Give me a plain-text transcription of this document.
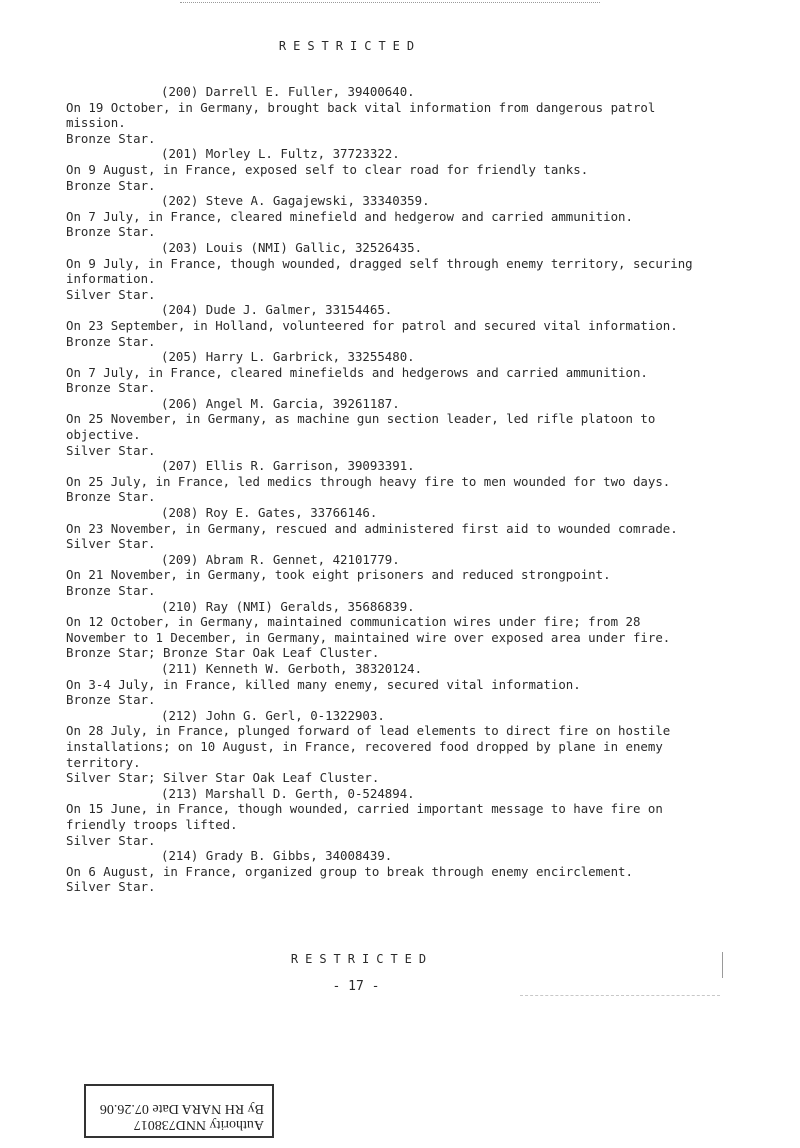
RESTRICTED

(200) Darrell E. Fuller, 39400640.

On 19 October, in Germany, brought back vital information from dangerous patrol mission.

Bronze Star.

(201) Morley L. Fultz, 37723322.

On 9 August, in France, exposed self to clear road for friendly tanks.

Bronze Star.

(202) Steve A. Gagajewski, 33340359.

On 7 July, in France, cleared minefield and hedgerow and carried ammunition.

Bronze Star.

(203) Louis (NMI) Gallic, 32526435.

On 9 July, in France, though wounded, dragged self through enemy territory, securing information.

Silver Star.

(204) Dude J. Galmer, 33154465.

On 23 September, in Holland, volunteered for patrol and secured vital information.

Bronze Star.

(205) Harry L. Garbrick, 33255480.

On 7 July, in France, cleared minefields and hedgerows and carried ammunition.

Bronze Star.

(206) Angel M. Garcia, 39261187.

On 25 November, in Germany, as machine gun section leader, led rifle platoon to objective.

Silver Star.

(207) Ellis R. Garrison, 39093391.

On 25 July, in France, led medics through heavy fire to men wounded for two days.

Bronze Star.

(208) Roy E. Gates, 33766146.

On 23 November, in Germany, rescued and administered first aid to wounded comrade.

Silver Star.

(209) Abram R. Gennet, 42101779.

On 21 November, in Germany, took eight prisoners and reduced strongpoint.

Bronze Star.

(210) Ray (NMI) Geralds, 35686839.

On 12 October, in Germany, maintained communication wires under fire; from 28 November to 1 December, in Germany, maintained wire over exposed area under fire.

Bronze Star; Bronze Star Oak Leaf Cluster.

(211) Kenneth W. Gerboth, 38320124.

On 3-4 July, in France, killed many enemy, secured vital information.

Bronze Star.

(212) John G. Gerl, 0-1322903.

On 28 July, in France, plunged forward of lead elements to direct fire on hostile installations; on 10 August, in France, recovered food dropped by plane in enemy territory.

Silver Star; Silver Star Oak Leaf Cluster.

(213) Marshall D. Gerth, 0-524894.

On 15 June, in France, though wounded, carried important message to have fire on friendly troops lifted.

Silver Star.

(214) Grady B. Gibbs, 34008439.

On 6 August, in France, organized group to break through enemy encirclement.

Silver Star.

RESTRICTED
- 17 -
Authority NND738017
By RH NARA Date 07.26.06
